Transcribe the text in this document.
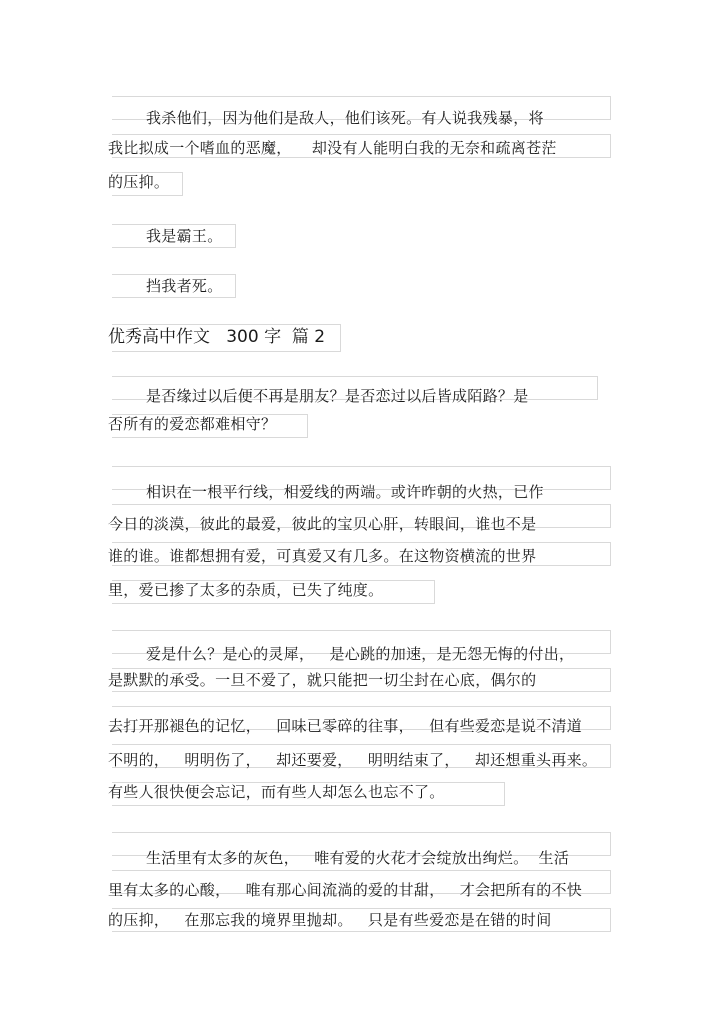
我杀他们，因为他们是敌人，他们该死。有人说我残暴，将
我比拟成一个嗜血的恶魔，    却没有人能明白我的无奈和疏离苍茫
的压抑。
我是霸王。
挡我者死。
优秀高中作文   300 字  篇 2
是否缘过以后便不再是朋友？是否恋过以后皆成陌路？是
否所有的爱恋都难相守？
相识在一根平行线，相爱线的两端。或许昨朝的火热，已作
今日的淡漠，彼此的最爱，彼此的宝贝心肝，转眼间，谁也不是
谁的谁。谁都想拥有爱，可真爱又有几多。在这物资横流的世界
里，爱已掺了太多的杂质，已失了纯度。
爱是什么？是心的灵犀，   是心跳的加速，是无怨无悔的付出，
是默默的承受。一旦不爱了，就只能把一切尘封在心底，偶尔的
去打开那褪色的记忆，   回味已零碎的往事，   但有些爱恋是说不清道
不明的，   明明伤了，   却还要爱，   明明结束了，   却还想重头再来。
有些人很快便会忘记，而有些人却怎么也忘不了。
生活里有太多的灰色，   唯有爱的火花才会绽放出绚烂。  生活
里有太多的心酸，   唯有那心间流淌的爱的甘甜，   才会把所有的不快
的压抑，   在那忘我的境界里抛却。   只是有些爱恋是在错的时间
